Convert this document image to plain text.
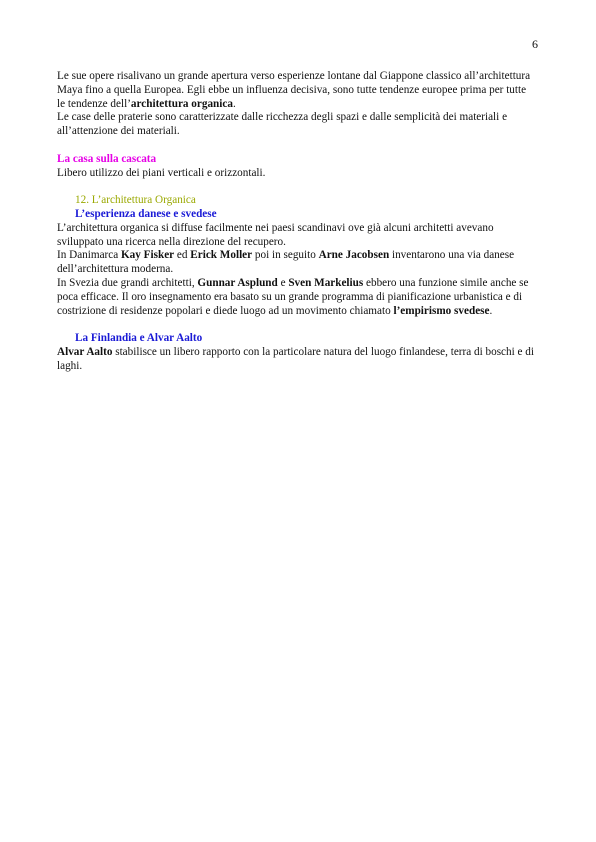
6

Le sue opere risalivano un grande apertura verso esperienze lontane dal Giappone classico all’architettura Maya fino a quella Europea. Egli ebbe un influenza decisiva, sono tutte tendenze europee prima per tutte le tendenze dell’architettura organica.

Le case delle praterie sono caratterizzate dalle ricchezza degli spazi e dalle semplicità dei materiali e all’attenzione dei materiali.

La casa sulla cascata

Libero utilizzo dei piani verticali e orizzontali.

12. L’architettura Organica

L’esperienza danese e svedese

L’architettura organica si diffuse facilmente nei paesi scandinavi ove già alcuni architetti avevano sviluppato una ricerca nella direzione del recupero.

In Danimarca Kay Fisker ed Erick Moller poi in seguito Arne Jacobsen inventarono una via danese dell’architettura moderna.

In Svezia due grandi architetti, Gunnar Asplund e Sven Markelius ebbero una funzione simile anche se poca efficace. Il oro insegnamento era basato su un grande programma di pianificazione urbanistica e di costrizione di residenze popolari e diede luogo ad un movimento chiamato l’empirismo svedese.

La Finlandia e Alvar Aalto

Alvar Aalto stabilisce un libero rapporto con la particolare natura del luogo finlandese, terra di boschi e di laghi.
